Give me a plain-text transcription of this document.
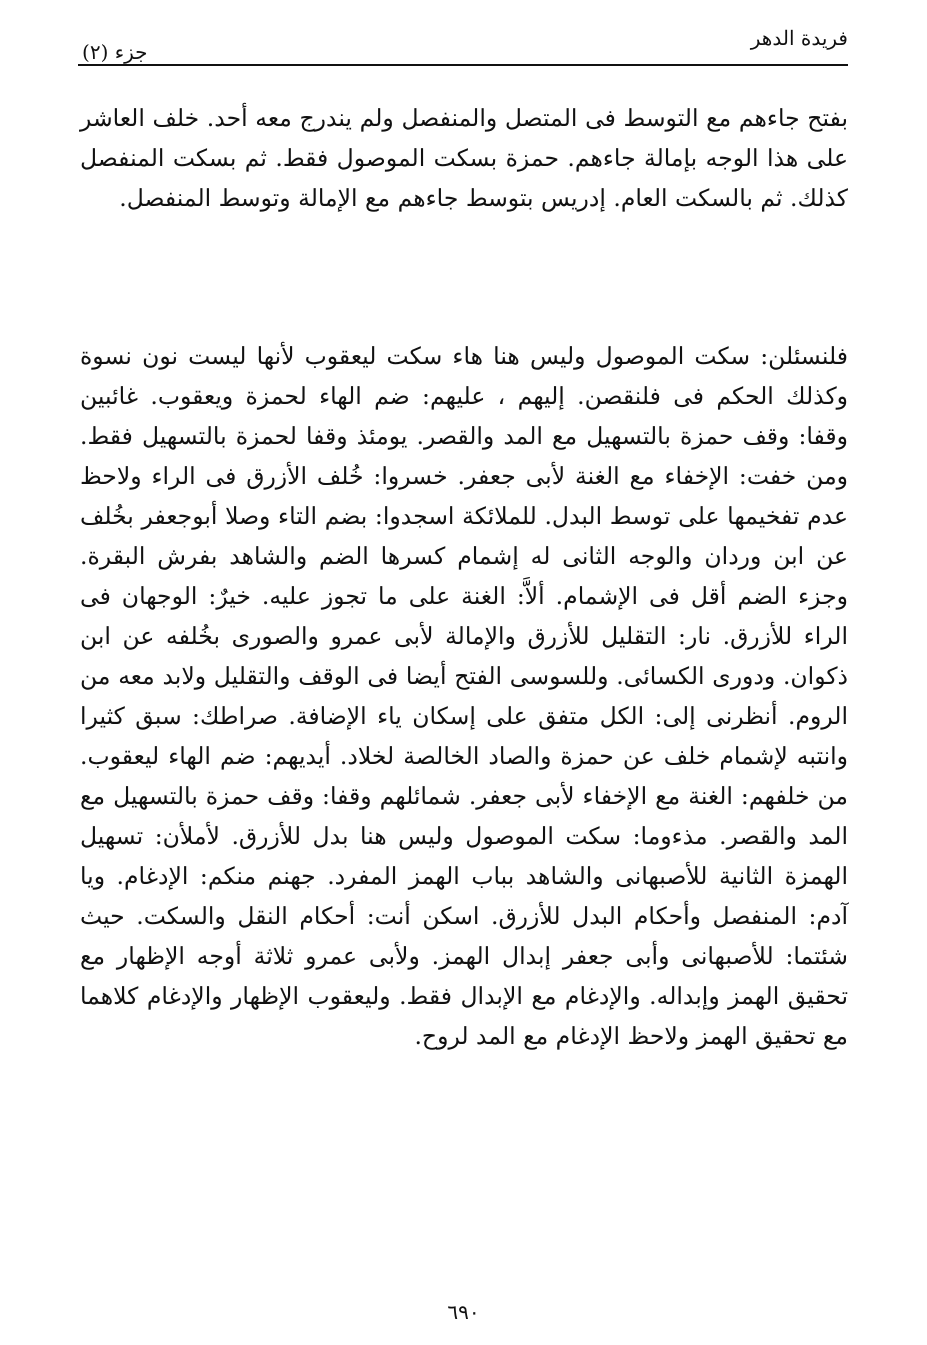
فريدة الدهر
جزء (٢)

بفتح جاءهم مع التوسط فى المتصل والمنفصل ولم يندرج معه أحد. خلف العاشر على هذا الوجه بإمالة جاءهم. حمزة بسكت الموصول فقط. ثم بسكت المنفصل كذلك. ثم بالسكت العام. إدريس بتوسط جاءهم مع الإمالة وتوسط المنفصل.

فلنسئلن: سكت الموصول وليس هنا هاء سكت ليعقوب لأنها ليست نون نسوة وكذلك الحكم فى فلنقصن. إليهم ، عليهم: ضم الهاء لحمزة ويعقوب. غائبين وقفا: وقف حمزة بالتسهيل مع المد والقصر. يومئذ وقفا لحمزة بالتسهيل فقط. ومن خفت: الإخفاء مع الغنة لأبى جعفر. خسروا: خُلف الأزرق فى الراء ولاحظ عدم تفخيمها على توسط البدل. للملائكة اسجدوا: بضم التاء وصلا أبوجعفر بخُلف عن ابن وردان والوجه الثانى له إشمام كسرها الضم والشاهد بفرش البقرة. وجزء الضم أقل فى الإشمام. ألاَّ: الغنة على ما تجوز عليه. خيرٌ: الوجهان فى الراء للأزرق. نار: التقليل للأزرق والإمالة لأبى عمرو والصورى بخُلفه عن ابن ذكوان. ودورى الكسائى. وللسوسى الفتح أيضا فى الوقف والتقليل ولابد معه من الروم. أنظرنى إلى: الكل متفق على إسكان ياء الإضافة. صراطك: سبق كثيرا وانتبه لإشمام خلف عن حمزة والصاد الخالصة لخلاد. أيديهم: ضم الهاء ليعقوب. من خلفهم: الغنة مع الإخفاء لأبى جعفر. شمائلهم وقفا: وقف حمزة بالتسهيل مع المد والقصر. مذءوما: سكت الموصول وليس هنا بدل للأزرق. لأملأن: تسهيل الهمزة الثانية للأصبهانى والشاهد بباب الهمز المفرد. جهنم منكم: الإدغام. ويا آدم: المنفصل وأحكام البدل للأزرق. اسكن أنت: أحكام النقل والسكت. حيث شئتما: للأصبهانى وأبى جعفر إبدال الهمز. ولأبى عمرو ثلاثة أوجه الإظهار مع تحقيق الهمز وإبداله. والإدغام مع الإبدال فقط. وليعقوب الإظهار والإدغام كلاهما مع تحقيق الهمز ولاحظ الإدغام مع المد لروح.

٦٩٠
